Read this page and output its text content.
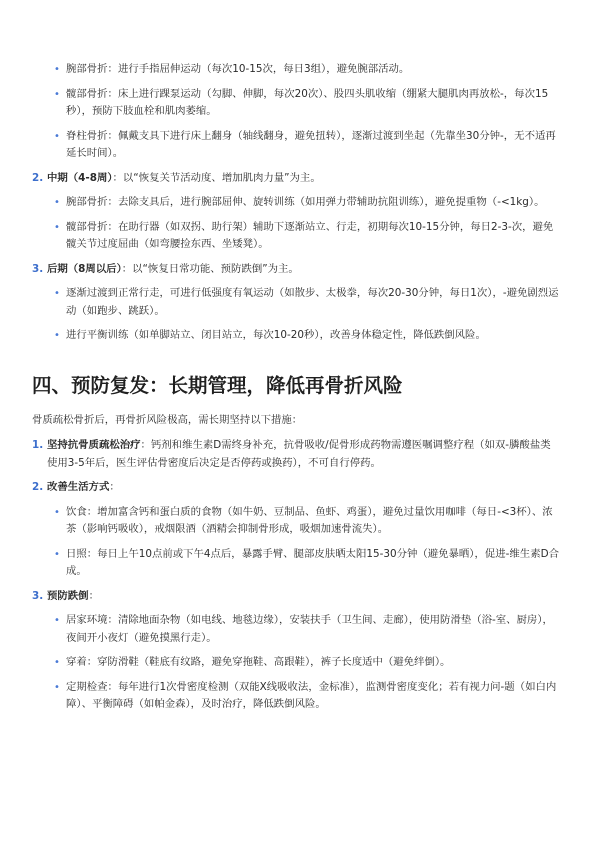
• 腕部骨折：进行手指屈伸运动（每次10-15次，每日3组），避免腕部活动。
• 髋部骨折：床上进行踝泵运动（勾脚、伸脚，每次20次）、股四头肌收缩（绷紧大腿肌肉再放松-，每次15秒），预防下肢血栓和肌肉萎缩。
• 脊柱骨折：佩戴支具下进行床上翻身（轴线翻身，避免扭转），逐渐过渡到坐起（先靠坐30分钟-，无不适再延长时间）。
2. 中期（4-8周）：以“恢复关节活动度、增加肌肉力量”为主。
• 腕部骨折：去除支具后，进行腕部屈伸、旋转训练（如用弹力带辅助抗阻训练），避免提重物（-<1kg）。
• 髋部骨折：在助行器（如双拐、助行架）辅助下逐渐站立、行走，初期每次10-15分钟，每日2-3-次，避免髋关节过度屈曲（如弯腰捡东西、坐矮凳）。
3. 后期（8周以后）：以“恢复日常功能、预防跌倒”为主。
• 逐渐过渡到正常行走，可进行低强度有氧运动（如散步、太极拳，每次20-30分钟，每日1次），-避免剧烈运动（如跑步、跳跃）。
• 进行平衡训练（如单脚站立、闭目站立，每次10-20秒），改善身体稳定性，降低跌倒风险。
四、预防复发：长期管理，降低再骨折风险

骨质疏松骨折后，再骨折风险极高，需长期坚持以下措施：

1. 坚持抗骨质疏松治疗：钙剂和维生素D需终身补充，抗骨吸收/促骨形成药物需遵医嘱调整疗程（如双-膦酸盐类使用3-5年后，医生评估骨密度后决定是否停药或换药），不可自行停药。
2. 改善生活方式：
• 饮食：增加富含钙和蛋白质的食物（如牛奶、豆制品、鱼虾、鸡蛋），避免过量饮用咖啡（每日-<3杯）、浓茶（影响钙吸收），戒烟限酒（酒精会抑制骨形成，吸烟加速骨流失）。
• 日照：每日上午10点前或下午4点后，暴露手臂、腿部皮肤晒太阳15-30分钟（避免暴晒），促进-维生素D合成。
3. 预防跌倒：
• 居家环境：清除地面杂物（如电线、地毯边缘），安装扶手（卫生间、走廊），使用防滑垫（浴-室、厨房），夜间开小夜灯（避免摸黑行走）。
• 穿着：穿防滑鞋（鞋底有纹路，避免穿拖鞋、高跟鞋），裤子长度适中（避免绊倒）。
• 定期检查：每年进行1次骨密度检测（双能X线吸收法，金标准），监测骨密度变化；若有视力问-题（如白内障）、平衡障碍（如帕金森），及时治疗，降低跌倒风险。
